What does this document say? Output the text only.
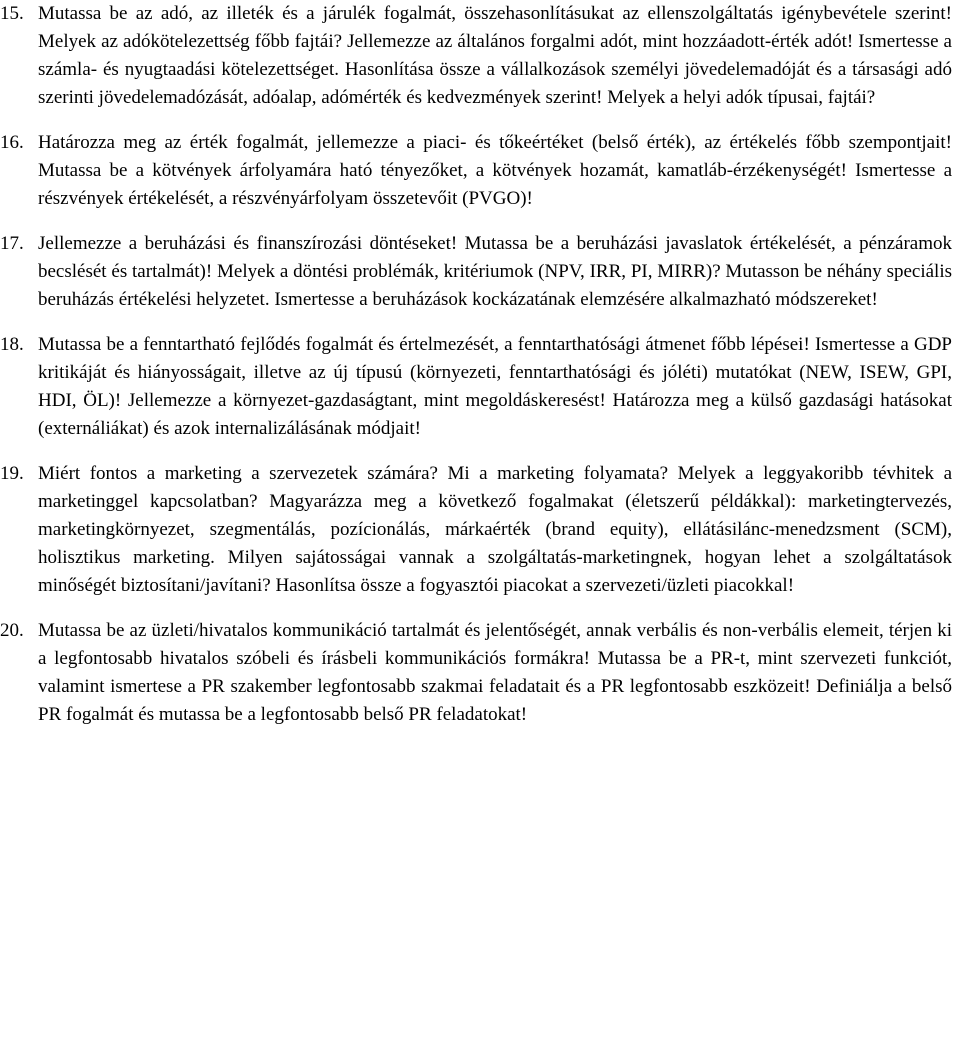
15. Mutassa be az adó, az illeték és a járulék fogalmát, összehasonlításukat az ellenszolgáltatás igénybevétele szerint! Melyek az adókötelezettség főbb fajtái? Jellemezze az általános forgalmi adót, mint hozzáadott-érték adót! Ismertesse a számla- és nyugtaadási kötelezettséget. Hasonlítása össze a vállalkozások személyi jövedelemadóját és a társasági adó szerinti jövedelemadózását, adóalap, adómérték és kedvezmények szerint! Melyek a helyi adók típusai, fajtái?
16. Határozza meg az érték fogalmát, jellemezze a piaci- és tőkeértéket (belső érték), az értékelés főbb szempontjait! Mutassa be a kötvények árfolyamára ható tényezőket, a kötvények hozamát, kamatláb-érzékenységét! Ismertesse a részvények értékelését, a részvényárfolyam összetevőit (PVGO)!
17. Jellemezze a beruházási és finanszírozási döntéseket! Mutassa be a beruházási javaslatok értékelését, a pénzáramok becslését és tartalmát)! Melyek a döntési problémák, kritériumok (NPV, IRR, PI, MIRR)? Mutasson be néhány speciális beruházás értékelési helyzetet. Ismertesse a beruházások kockázatának elemzésére alkalmazható módszereket!
18. Mutassa be a fenntartható fejlődés fogalmát és értelmezését, a fenntarthatósági átmenet főbb lépései! Ismertesse a GDP kritikáját és hiányosságait, illetve az új típusú (környezeti, fenntarthatósági és jóléti) mutatókat (NEW, ISEW, GPI, HDI, ÖL)! Jellemezze a környezet-gazdaságtant, mint megoldáskeresést! Határozza meg a külső gazdasági hatásokat (externáliákat) és azok internalizálásának módjait!
19. Miért fontos a marketing a szervezetek számára? Mi a marketing folyamata? Melyek a leggyakoribb tévhitek a marketinggel kapcsolatban? Magyarázza meg a következő fogalmakat (életszerű példákkal): marketingtervezés, marketingkörnyezet, szegmentálás, pozícionálás, márkaérték (brand equity), ellátásilánc-menedzsment (SCM), holisztikus marketing. Milyen sajátosságai vannak a szolgáltatás-marketingnek, hogyan lehet a szolgáltatások minőségét biztosítani/javítani? Hasonlítsa össze a fogyasztói piacokat a szervezeti/üzleti piacokkal!
20. Mutassa be az üzleti/hivatalos kommunikáció tartalmát és jelentőségét, annak verbális és non-verbális elemeit, térjen ki a legfontosabb hivatalos szóbeli és írásbeli kommunikációs formákra! Mutassa be a PR-t, mint szervezeti funkciót, valamint ismertese a PR szakember legfontosabb szakmai feladatait és a PR legfontosabb eszközeit! Definiálja a belső PR fogalmát és mutassa be a legfontosabb belső PR feladatokat!
